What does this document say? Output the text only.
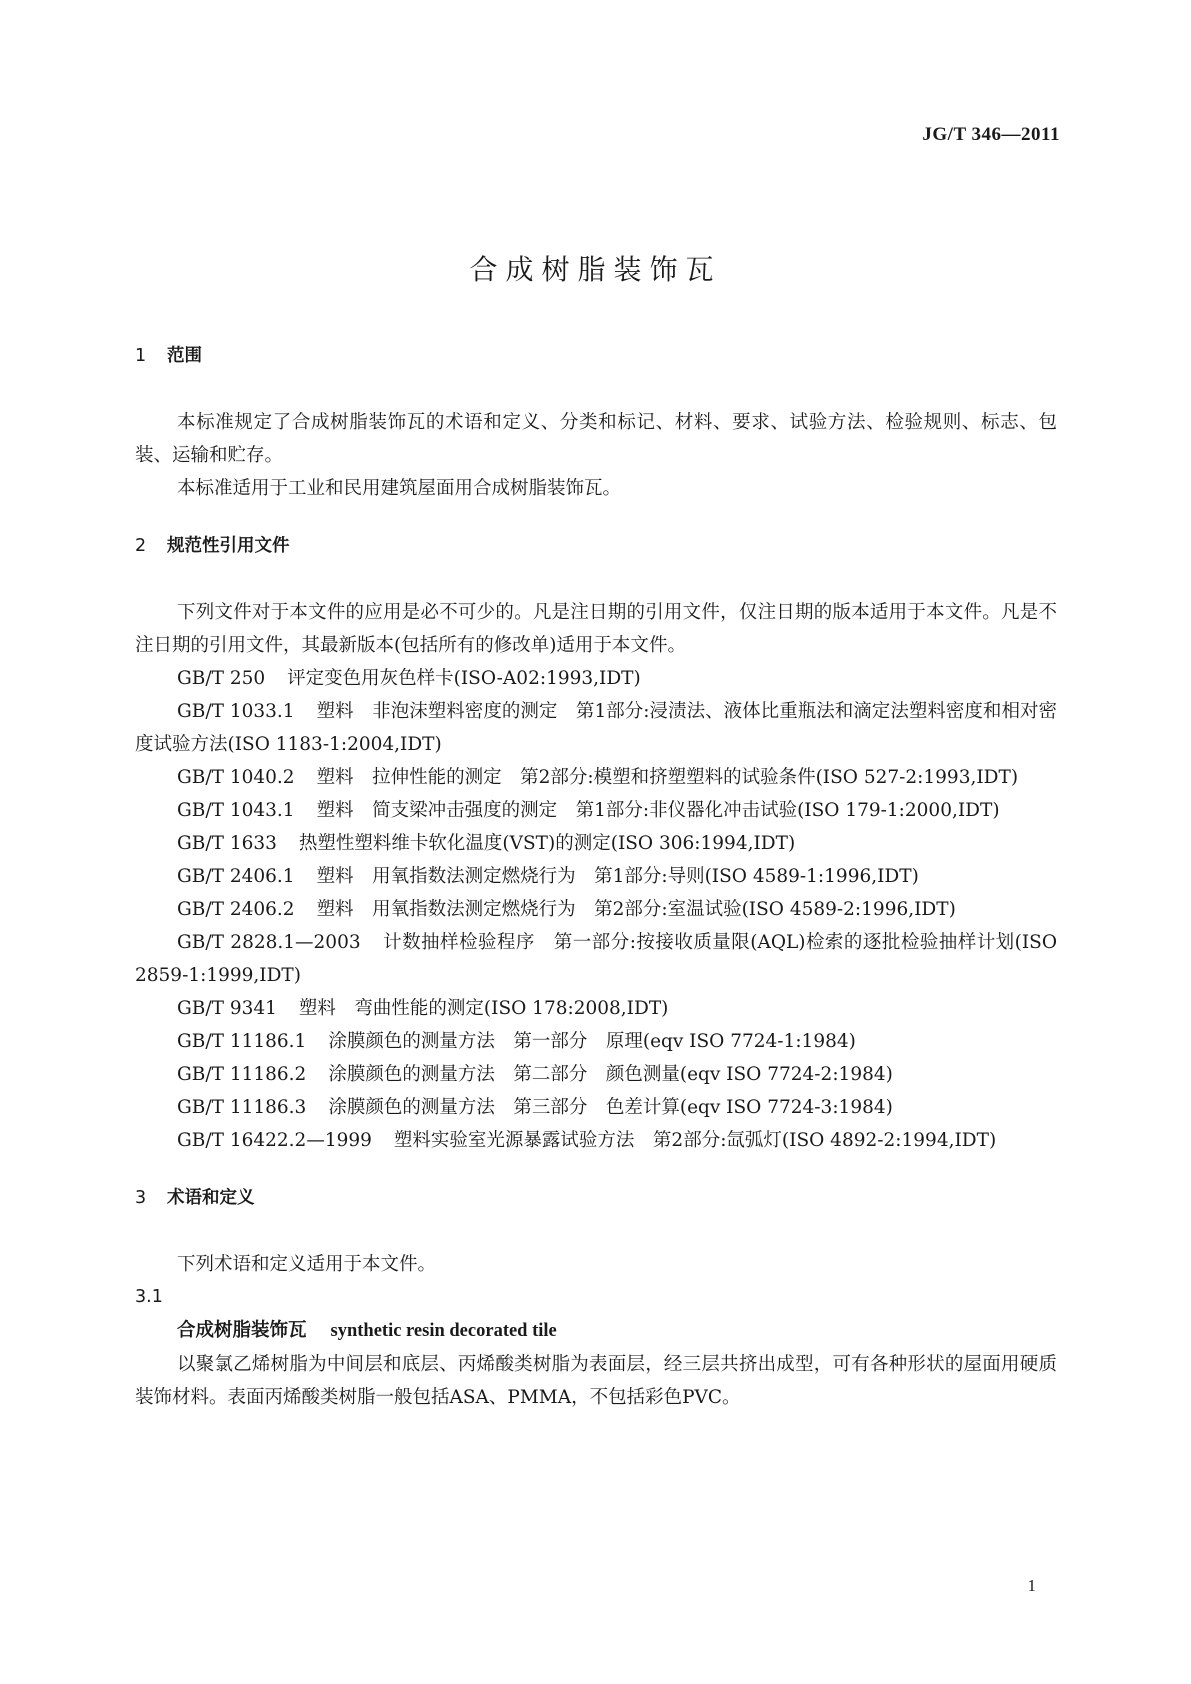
JG/T 346—2011
合成树脂装饰瓦

1 范围

本标准规定了合成树脂装饰瓦的术语和定义、分类和标记、材料、要求、试验方法、检验规则、标志、包装、运输和贮存。

本标准适用于工业和民用建筑屋面用合成树脂装饰瓦。

2 规范性引用文件

下列文件对于本文件的应用是必不可少的。凡是注日期的引用文件，仅注日期的版本适用于本文件。凡是不注日期的引用文件，其最新版本(包括所有的修改单)适用于本文件。

GB/T 250 评定变色用灰色样卡(ISO-A02:1993,IDT)

GB/T 1033.1 塑料　非泡沫塑料密度的测定　第1部分:浸渍法、液体比重瓶法和滴定法塑料密度和相对密度试验方法(ISO 1183-1:2004,IDT)

GB/T 1040.2 塑料　拉伸性能的测定　第2部分:模塑和挤塑塑料的试验条件(ISO 527-2:1993,IDT)

GB/T 1043.1 塑料　简支梁冲击强度的测定　第1部分:非仪器化冲击试验(ISO 179-1:2000,IDT)

GB/T 1633 热塑性塑料维卡软化温度(VST)的测定(ISO 306:1994,IDT)

GB/T 2406.1 塑料　用氧指数法测定燃烧行为　第1部分:导则(ISO 4589-1:1996,IDT)

GB/T 2406.2 塑料　用氧指数法测定燃烧行为　第2部分:室温试验(ISO 4589-2:1996,IDT)

GB/T 2828.1—2003 计数抽样检验程序　第一部分:按接收质量限(AQL)检索的逐批检验抽样计划(ISO 2859-1:1999,IDT)

GB/T 9341 塑料　弯曲性能的测定(ISO 178:2008,IDT)

GB/T 11186.1 涂膜颜色的测量方法　第一部分　原理(eqv ISO 7724-1:1984)

GB/T 11186.2 涂膜颜色的测量方法　第二部分　颜色测量(eqv ISO 7724-2:1984)

GB/T 11186.3 涂膜颜色的测量方法　第三部分　色差计算(eqv ISO 7724-3:1984)

GB/T 16422.2—1999 塑料实验室光源暴露试验方法　第2部分:氙弧灯(ISO 4892-2:1994,IDT)

3 术语和定义

下列术语和定义适用于本文件。

3.1

合成树脂装饰瓦 synthetic resin decorated tile

以聚氯乙烯树脂为中间层和底层、丙烯酸类树脂为表面层，经三层共挤出成型，可有各种形状的屋面用硬质装饰材料。表面丙烯酸类树脂一般包括ASA、PMMA，不包括彩色PVC。

1
